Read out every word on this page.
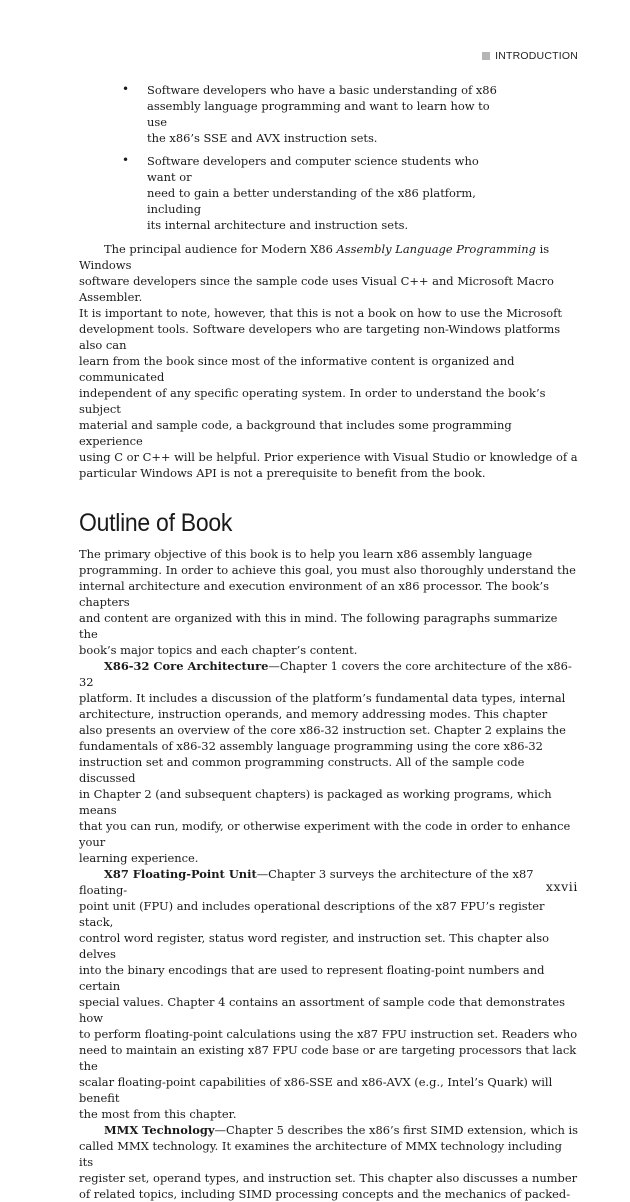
INTRODUCTION
• Software developers who have a basic understanding of x86
assembly language programming and want to learn how to use
the x86’s SSE and AVX instruction sets.

• Software developers and computer science students who want or
need to gain a better understanding of the x86 platform, including
its internal architecture and instruction sets.

The principal audience for Modern X86 Assembly Language Programming is Windows
software developers since the sample code uses Visual C++ and Microsoft Macro Assembler.
It is important to note, however, that this is not a book on how to use the Microsoft
development tools. Software developers who are targeting non-Windows platforms also can
learn from the book since most of the informative content is organized and communicated
independent of any specific operating system. In order to understand the book’s subject
material and sample code, a background that includes some programming experience
using C or C++ will be helpful. Prior experience with Visual Studio or knowledge of a
particular Windows API is not a prerequisite to benefit from the book.

Outline of Book

The primary objective of this book is to help you learn x86 assembly language
programming. In order to achieve this goal, you must also thoroughly understand the
internal architecture and execution environment of an x86 processor. The book’s chapters
and content are organized with this in mind. The following paragraphs summarize the
book’s major topics and each chapter’s content.

X86-32 Core Architecture—Chapter 1 covers the core architecture of the x86-32
platform. It includes a discussion of the platform’s fundamental data types, internal
architecture, instruction operands, and memory addressing modes. This chapter
also presents an overview of the core x86-32 instruction set. Chapter 2 explains the
fundamentals of x86-32 assembly language programming using the core x86-32
instruction set and common programming constructs. All of the sample code discussed
in Chapter 2 (and subsequent chapters) is packaged as working programs, which means
that you can run, modify, or otherwise experiment with the code in order to enhance your
learning experience.

X87 Floating-Point Unit—Chapter 3 surveys the architecture of the x87 floating-
point unit (FPU) and includes operational descriptions of the x87 FPU’s register stack,
control word register, status word register, and instruction set. This chapter also delves
into the binary encodings that are used to represent floating-point numbers and certain
special values. Chapter 4 contains an assortment of sample code that demonstrates how
to perform floating-point calculations using the x87 FPU instruction set. Readers who
need to maintain an existing x87 FPU code base or are targeting processors that lack the
scalar floating-point capabilities of x86-SSE and x86-AVX (e.g., Intel’s Quark) will benefit
the most from this chapter.

MMX Technology—Chapter 5 describes the x86’s first SIMD extension, which is
called MMX technology. It examines the architecture of MMX technology including its
register set, operand types, and instruction set. This chapter also discusses a number
of related topics, including SIMD processing concepts and the mechanics of packed-

xxvii
